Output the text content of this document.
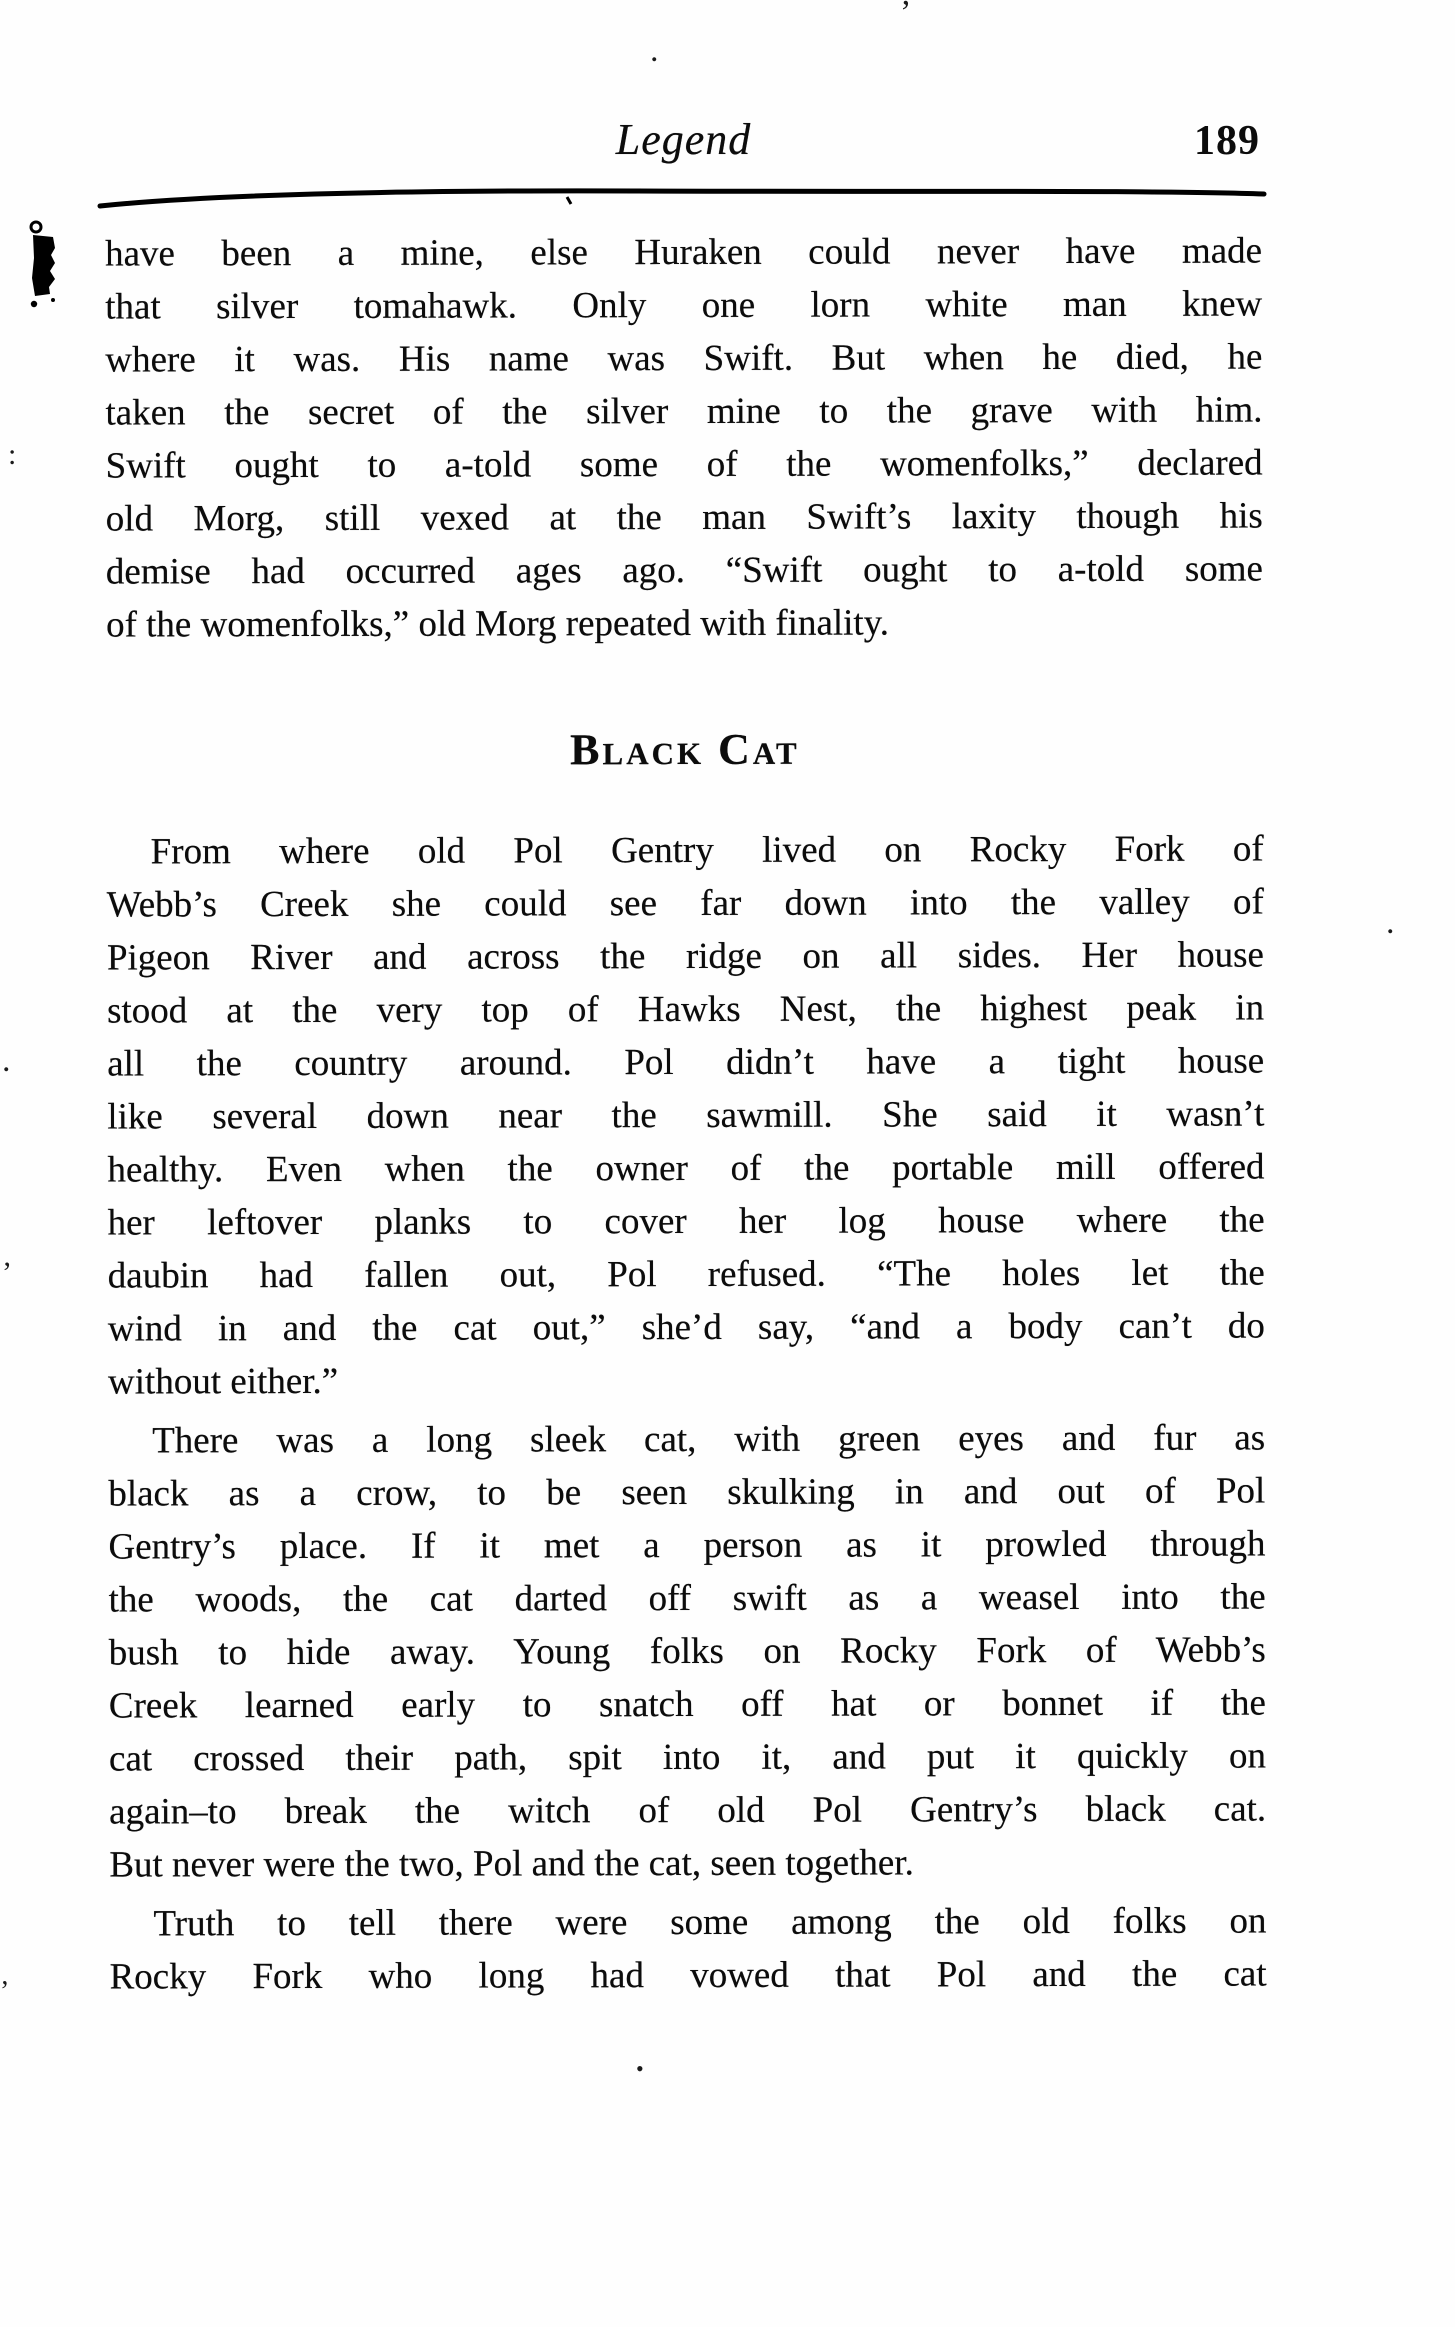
Legend	189

have been a mine, else Huraken could never have made
that silver tomahawk. Only one lorn white man knew
where it was. His name was Swift. But when he died, he
taken the secret of the silver mine to the grave with him.
Swift ought to a-told some of the womenfolks,” declared
old Morg, still vexed at the man Swift’s laxity though his
demise had occurred ages ago. “Swift ought to a-told some
of the womenfolks,” old Morg repeated with finality.

Black Cat

From where old Pol Gentry lived on Rocky Fork of
Webb’s Creek she could see far down into the valley of
Pigeon River and across the ridge on all sides. Her house
stood at the very top of Hawks Nest, the highest peak in
all the country around. Pol didn’t have a tight house
like several down near the sawmill. She said it wasn’t
healthy. Even when the owner of the portable mill offered
her leftover planks to cover her log house where the
daubin had fallen out, Pol refused. “The holes let the
wind in and the cat out,” she’d say, “and a body can’t do
without either.”

There was a long sleek cat, with green eyes and fur as
black as a crow, to be seen skulking in and out of Pol
Gentry’s place. If it met a person as it prowled through
the woods, the cat darted off swift as a weasel into the
bush to hide away. Young folks on Rocky Fork of Webb’s
Creek learned early to snatch off hat or bonnet if the
cat crossed their path, spit into it, and put it quickly on
again–to break the witch of old Pol Gentry’s black cat.
But never were the two, Pol and the cat, seen together.

Truth to tell there were some among the old folks on
Rocky Fork who long had vowed that Pol and the cat

’
.
:
.
.
’
’
•
